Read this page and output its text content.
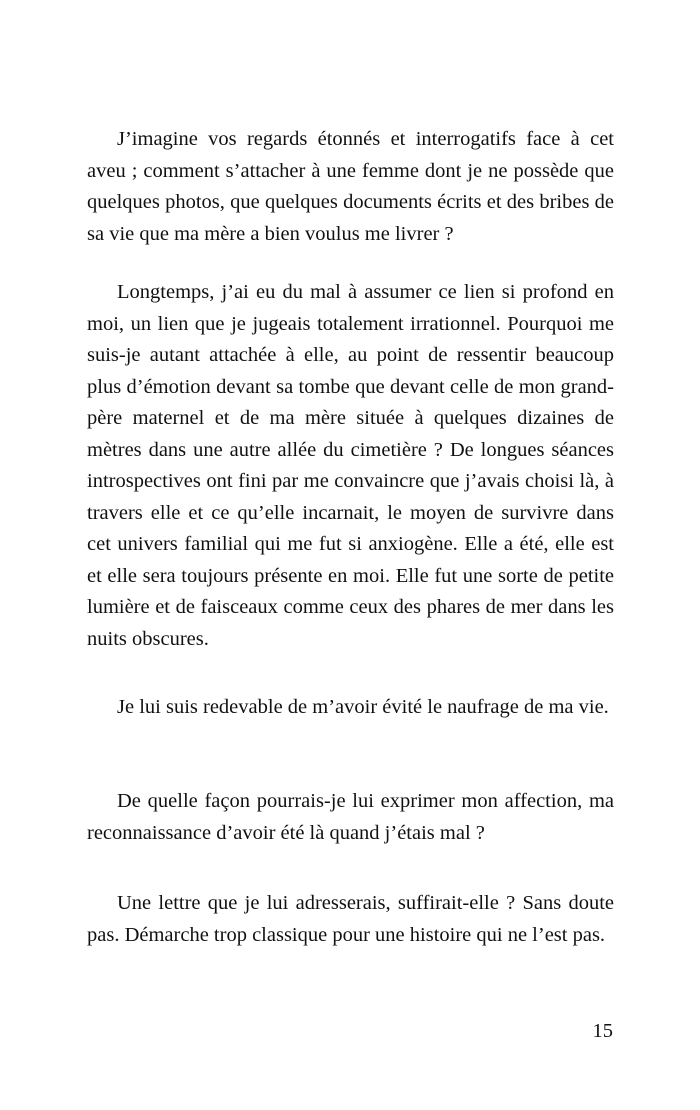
J’imagine vos regards étonnés et interrogatifs face à cet aveu ; comment s’attacher à une femme dont je ne possède que quelques photos, que quelques documents écrits et des bribes de sa vie que ma mère a bien voulus me livrer ?

Longtemps, j’ai eu du mal à assumer ce lien si profond en moi, un lien que je jugeais totalement irrationnel. Pourquoi me suis-je autant attachée à elle, au point de ressentir beaucoup plus d’émotion devant sa tombe que devant celle de mon grand-père maternel et de ma mère située à quelques dizaines de mètres dans une autre allée du cimetière ? De longues séances introspectives ont fini par me convaincre que j’avais choisi là, à travers elle et ce qu’elle incarnait, le moyen de survivre dans cet univers familial qui me fut si anxiogène. Elle a été, elle est et elle sera toujours présente en moi. Elle fut une sorte de petite lumière et de faisceaux comme ceux des phares de mer dans les nuits obscures.

Je lui suis redevable de m’avoir évité le naufrage de ma vie.

De quelle façon pourrais-je lui exprimer mon affection, ma reconnaissance d’avoir été là quand j’étais mal ?

Une lettre que je lui adresserais, suffirait-elle ? Sans doute pas. Démarche trop classique pour une histoire qui ne l’est pas.

15
